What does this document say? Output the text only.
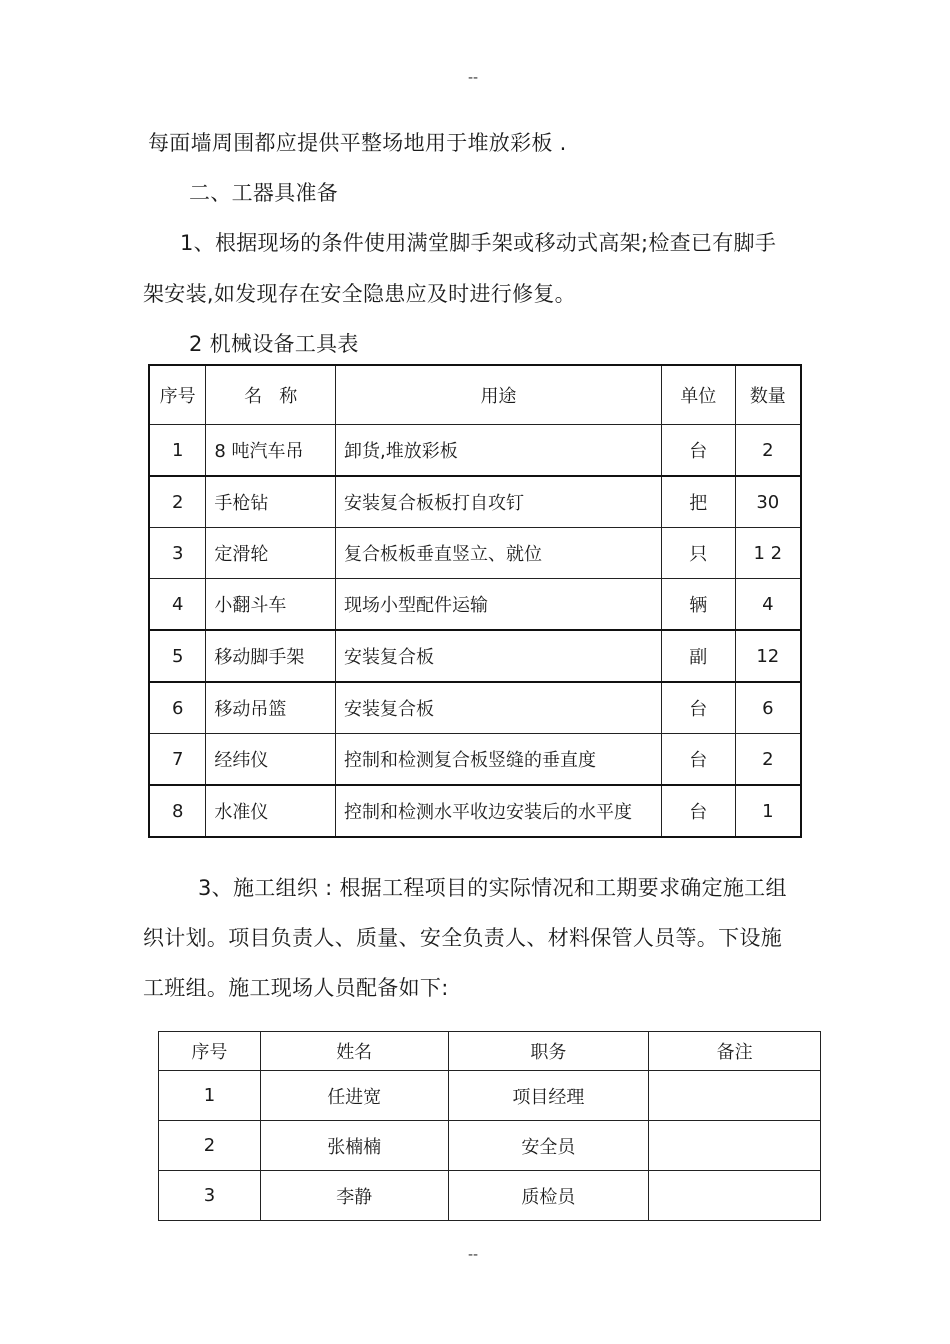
--
每面墙周围都应提供平整场地用于堆放彩板 .
二、工器具准备
1、根据现场的条件使用满堂脚手架或移动式高架;检查已有脚手
架安装,如发现存在安全隐患应及时进行修复。
2 机械设备工具表
序号	名   称	用途	单位	数量
1	8 吨汽车吊	卸货,堆放彩板	台	2
2	手枪钻	安装复合板板打自攻钉	把	30
3	定滑轮	复合板板垂直竖立、就位	只	1 2
4	小翻斗车	现场小型配件运输	辆	4
5	移动脚手架	安装复合板	副	12
6	移动吊篮	安装复合板	台	6
7	经纬仪	控制和检测复合板竖缝的垂直度	台	2
8	水准仪	控制和检测水平收边安装后的水平度	台	1
3、施工组织 : 根据工程项目的实际情况和工期要求确定施工组
织计划。项目负责人、质量、安全负责人、材料保管人员等。下设施
工班组。施工现场人员配备如下:
序号	姓名	职务	备注
1	任进宽	项目经理	
2	张楠楠	安全员	
3	李静	质检员	
--
